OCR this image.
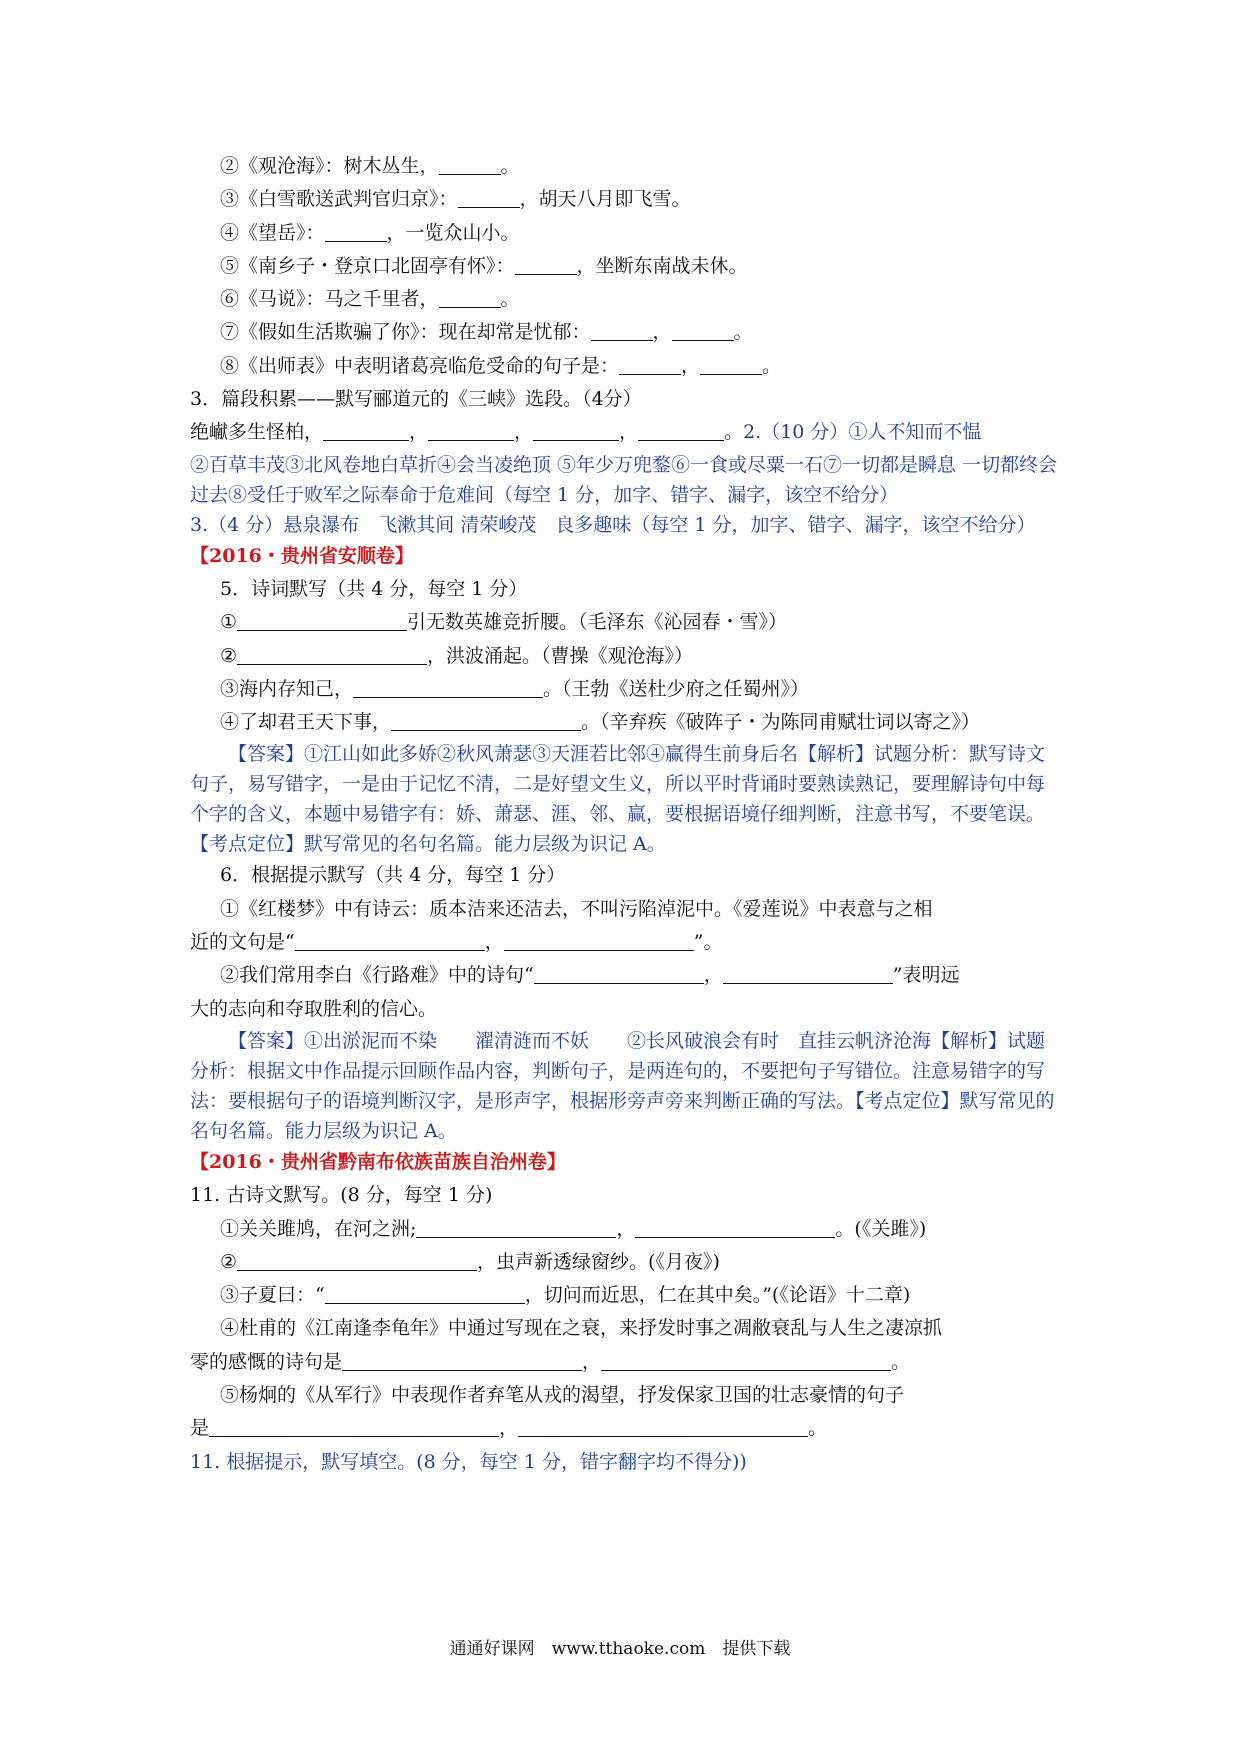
②《观沧海》：树木丛生，	。
③《白雪歌送武判官归京》：	，胡天八月即飞雪。
④《望岳》：	，一览众山小。
⑤《南乡子・登京口北固亭有怀》：	，坐断东南战未休。
⑥《马说》：马之千里者，	。
⑦《假如生活欺骗了你》：现在却常是忧郁：	，	。
⑧《出师表》中表明诸葛亮临危受命的句子是：	，	。
3．篇段积累——默写郦道元的《三峡》选段。（4分）
绝𪩘多生怪柏，	，	，	，	。2.（10 分）①人不知而不愠
②百草丰茂③北风卷地白草折④会当凌绝顶 ⑤年少万兜鍪⑥一食或尽粟一石⑦一切都是瞬息 一切都终会过去⑧受任于败军之际奉命于危难间（每空 1 分，加字、错字、漏字，该空不给分）
3.（4 分）悬泉瀑布　飞漱其间 清荣峻茂　良多趣味（每空 1 分，加字、错字、漏字，该空不给分）
【2016・贵州省安顺卷】
5．诗词默写（共 4 分，每空 1 分）
①	引无数英雄竞折腰。（毛泽东《沁园春・雪》）
②	，洪波涌起。（曹操《观沧海》）
③海内存知己，	。（王勃《送杜少府之任蜀州》）
④了却君王天下事，	。（辛弃疾《破阵子・为陈同甫赋壮词以寄之》）
【答案】①江山如此多娇②秋风萧瑟③天涯若比邻④赢得生前身后名【解析】试题分析：默写诗文句子，易写错字，一是由于记忆不清，二是好望文生义，所以平时背诵时要熟读熟记，要理解诗句中每个字的含义，本题中易错字有：娇、萧瑟、涯、邻、赢，要根据语境仔细判断，注意书写，不要笔误。【考点定位】默写常见的名句名篇。能力层级为识记 A。
6．根据提示默写（共 4 分，每空 1 分）
①《红楼梦》中有诗云：质本洁来还洁去，不叫污陷淖泥中。《爱莲说》中表意与之相
近的文句是“	，	”。
②我们常用李白《行路难》中的诗句“	，	”表明远
大的志向和夺取胜利的信心。
【答案】①出淤泥而不染　　濯清涟而不妖　　②长风破浪会有时　直挂云帆济沧海【解析】试题分析：根据文中作品提示回顾作品内容，判断句子，是两连句的，不要把句子写错位。注意易错字的写法：要根据句子的语境判断汉字，是形声字，根据形旁声旁来判断正确的写法。【考点定位】默写常见的名句名篇。能力层级为识记 A。
【2016・贵州省黔南布依族苗族自治州卷】
11. 古诗文默写。(8 分，每空 1 分)
①关关雎鸠，在河之洲;	，	。(《关雎》)
②	，虫声新透绿窗纱。(《月夜》)
③子夏曰：“	，切问而近思，仁在其中矣。”(《论语》十二章)
④杜甫的《江南逢李龟年》中通过写现在之衰，来抒发时事之凋敝衰乱与人生之凄凉抓
零的感慨的诗句是	，	。
⑤杨炯的《从军行》中表现作者弃笔从戎的渴望，抒发保家卫国的壮志豪情的句子
是	，	。
11. 根据提示，默写填空。(8 分，每空 1 分，错字翻字均不得分))
通通好课网　www.tthaoke.com　提供下载
